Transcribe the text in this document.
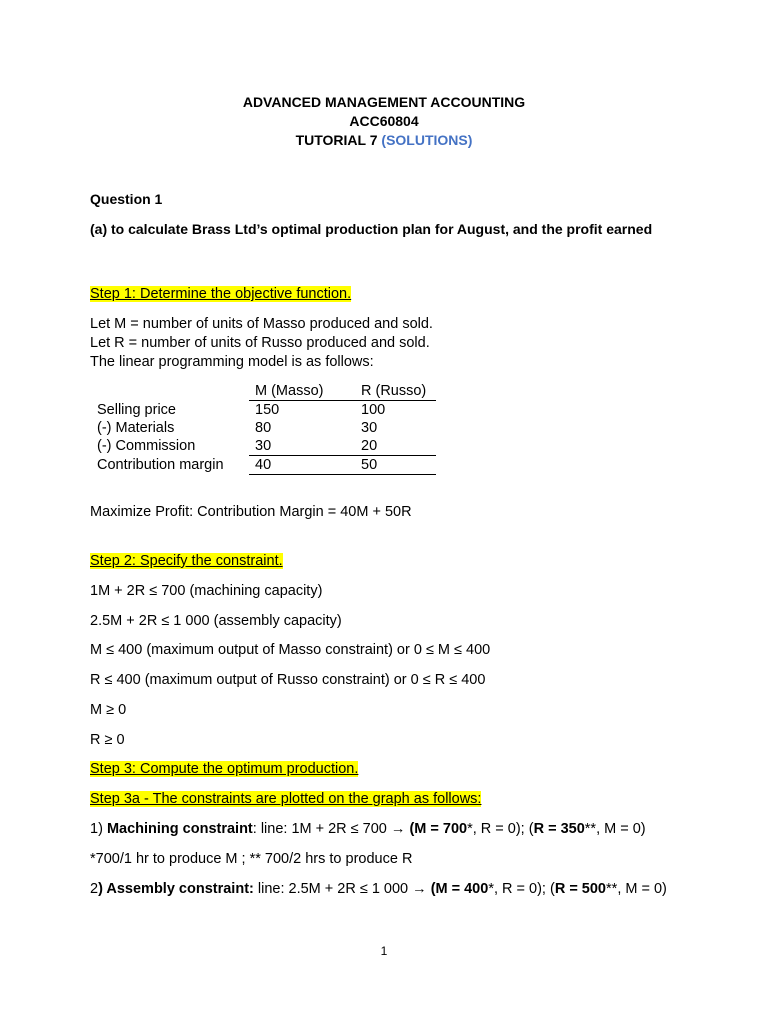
ADVANCED MANAGEMENT ACCOUNTING
ACC60804
TUTORIAL 7 (SOLUTIONS)
Question 1
(a) to calculate Brass Ltd’s optimal production plan for August, and the profit earned
Step 1: Determine the objective function.
Let M = number of units of Masso produced and sold.
Let R = number of units of Russo produced and sold.
The linear programming model is as follows:
	M (Masso)	R (Russo)
Selling price	150	100
(-) Materials	80	30
(-) Commission	30	20
Contribution margin	40	50
Maximize Profit: Contribution Margin = 40M + 50R
Step 2: Specify the constraint.
1M + 2R ≤ 700 (machining capacity)
2.5M + 2R ≤ 1 000 (assembly capacity)
M ≤ 400 (maximum output of Masso constraint) or 0 ≤ M ≤ 400
R ≤ 400 (maximum output of Russo constraint) or 0 ≤ R ≤ 400
M ≥ 0
R ≥ 0
Step 3: Compute the optimum production.
Step 3a - The constraints are plotted on the graph as follows:
1) Machining constraint: line: 1M + 2R ≤ 700 → (M = 700*, R = 0); (R = 350**, M = 0)
*700/1 hr to produce M ; ** 700/2 hrs to produce R
2) Assembly constraint: line: 2.5M + 2R ≤ 1 000 → (M = 400*, R = 0); (R = 500**, M = 0)
1
